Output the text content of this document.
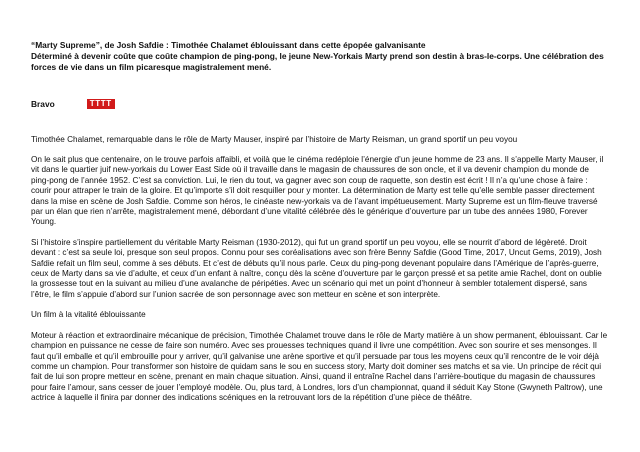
“Marty Supreme”, de Josh Safdie : Timothée Chalamet éblouissant dans cette épopée galvanisante

Déterminé à devenir coûte que coûte champion de ping-pong, le jeune New-Yorkais Marty prend son destin à bras-le-corps. Une célébration des forces de vie dans un film picaresque magistralement mené.

Bravo	TTTT
Timothée Chalamet, remarquable dans le rôle de Marty Mauser, inspiré par l’histoire de Marty Reisman, un grand sportif un peu voyou

On le sait plus que centenaire, on le trouve parfois affaibli, et voilà que le cinéma redéploie l’énergie d’un jeune homme de 23 ans. Il s’appelle Marty Mauser, il vit dans le quartier juif new-yorkais du Lower East Side où il travaille dans le magasin de chaussures de son oncle, et il va devenir champion du monde de ping-pong de l’année 1952. C’est sa conviction. Lui, le rien du tout, va gagner avec son coup de raquette, son destin est écrit ! Il n’a qu’une chose à faire : courir pour attraper le train de la gloire. Et qu’importe s’il doit resquiller pour y monter. La détermination de Marty est telle qu’elle semble passer directement dans la mise en scène de Josh Safdie. Comme son héros, le cinéaste new-yorkais va de l’avant impétueusement. Marty Supreme est un film-fleuve traversé par un élan que rien n’arrête, magistralement mené, débordant d’une vitalité célébrée dès le générique d’ouverture par un tube des années 1980, Forever Young.

Si l’histoire s’inspire partiellement du véritable Marty Reisman (1930-2012), qui fut un grand sportif un peu voyou, elle se nourrit d’abord de légèreté. Droit devant : c’est sa seule loi, presque son seul propos. Connu pour ses coréalisations avec son frère Benny Safdie (Good Time, 2017, Uncut Gems, 2019), Josh Safdie refait un film seul, comme à ses débuts. Et c’est de débuts qu’il nous parle. Ceux du ping-pong devenant populaire dans l’Amérique de l’après-guerre, ceux de Marty dans sa vie d’adulte, et ceux d’un enfant à naître, conçu dès la scène d’ouverture par le garçon pressé et sa petite amie Rachel, dont on oublie la grossesse tout en la suivant au milieu d’une avalanche de péripéties. Avec un scénario qui met un point d’honneur à sembler totalement dispersé, sans l’être, le film s’appuie d’abord sur l’union sacrée de son personnage avec son metteur en scène et son interprète.

Un film à la vitalité éblouissante

Moteur à réaction et extraordinaire mécanique de précision, Timothée Chalamet trouve dans le rôle de Marty matière à un show permanent, éblouissant. Car le champion en puissance ne cesse de faire son numéro. Avec ses prouesses techniques quand il livre une compétition. Avec son sourire et ses mensonges. Il faut qu’il emballe et qu’il embrouille pour y arriver, qu’il galvanise une arène sportive et qu’il persuade par tous les moyens ceux qu’il rencontre de le voir déjà comme un champion. Pour transformer son histoire de quidam sans le sou en success story, Marty doit dominer ses matchs et sa vie. Un principe de récit qui fait de lui son propre metteur en scène, prenant en main chaque situation. Ainsi, quand il entraîne Rachel dans l’arrière-boutique du magasin de chaussures pour faire l’amour, sans cesser de jouer l’employé modèle. Ou, plus tard, à Londres, lors d’un championnat, quand il séduit Kay Stone (Gwyneth Paltrow), une actrice à laquelle il finira par donner des indications scéniques en la retrouvant lors de la répétition d’une pièce de théâtre.
